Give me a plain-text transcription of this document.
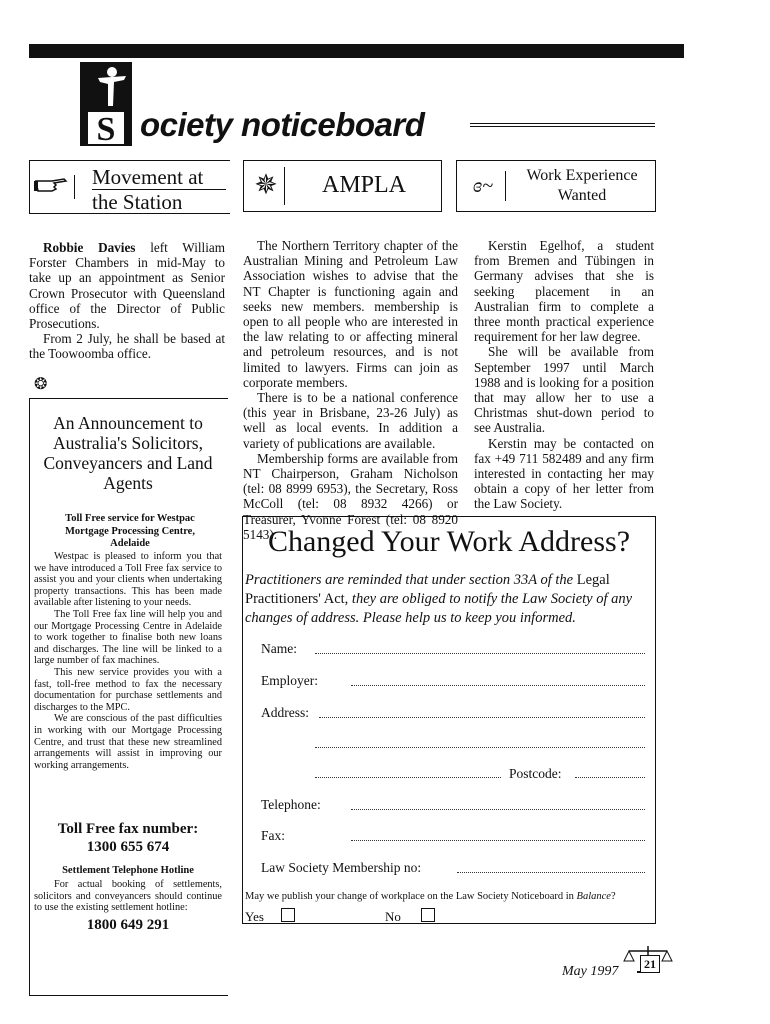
S ociety noticeboard
Movement at
the Station
✵	AMPLA	ɞ~	Work Experience
Wanted

Robbie Davies left William Forster Chambers in mid-May to take up an appointment as Senior Crown Prosecutor with Queensland office of the Director of Public Prosecutions.

From 2 July, he shall be based at the Toowoomba office.

❂

The Northern Territory chapter of the Australian Mining and Petroleum Law Association wishes to advise that the NT Chapter is functioning again and seeks new members. membership is open to all people who are interested in the law relating to or affecting mineral and petroleum resources, and is not limited to lawyers. Firms can join as corporate members.

There is to be a national conference (this year in Brisbane, 23-26 July) as well as local events. In addition a variety of publications are available.

Membership forms are available from NT Chairperson, Graham Nicholson (tel: 08 8999 6953), the Secretary, Ross McColl (tel: 08 8932 4266) or Treasurer, Yvonne Forest (tel: 08 8920 5143).

Kerstin Egelhof, a student from Bremen and Tübingen in Germany advises that she is seeking placement in an Australian firm to complete a three month practical experience requirement for her law degree.

She will be available from September 1997 until March 1988 and is looking for a position that may allow her to use a Christmas shut-down period to see Australia.

Kerstin may be contacted on fax +49 711 582489 and any firm interested in contacting her may obtain a copy of her letter from the Law Society.

An Announcement to Australia's Solicitors, Conveyancers and Land Agents
Toll Free service for Westpac Mortgage Processing Centre, Adelaide

Westpac is pleased to inform you that we have introduced a Toll Free fax service to assist you and your clients when undertaking property transactions. This has been made available after listening to your needs.

The Toll Free fax line will help you and our Mortgage Processing Centre in Adelaide to work together to finalise both new loans and discharges. The line will be linked to a large number of fax machines.

This new service provides you with a fast, toll-free method to fax the necessary documentation for purchase settlements and discharges to the MPC.

We are conscious of the past difficulties in working with our Mortgage Processing Centre, and trust that these new streamlined arrangements will assist in improving our working arrangements.

Toll Free fax number:
1300 655 674
Settlement Telephone Hotline
For actual booking of settlements, solicitors and conveyancers should continue to use the existing settlement hotline:
1800 649 291
Changed Your Work Address?
Practitioners are reminded that under section 33A of the Legal Practitioners' Act, they are obliged to notify the Law Society of any changes of address. Please help us to keep you informed.
Name:
Employer:
Address:
Postcode:
Telephone:
Fax:
Law Society Membership no:
May we publish your change of workplace on the Law Society Noticeboard in Balance?
Yes	No
May 1997	21
